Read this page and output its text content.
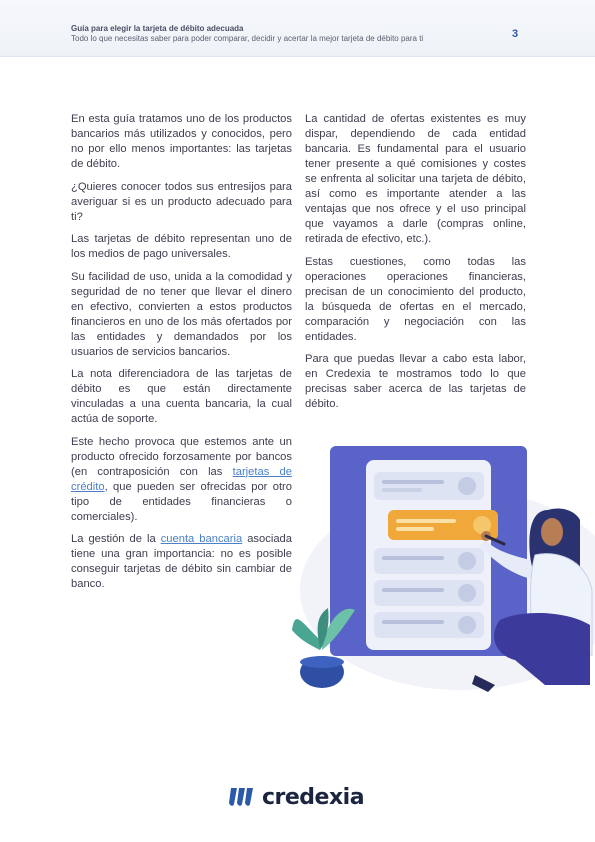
Guía para elegir la tarjeta de débito adecuada
Todo lo que necesitas saber para poder comparar, decidir y acertar la mejor tarjeta de débito para ti	3

En esta guía tratamos uno de los productos bancarios más utilizados y conocidos, pero no por ello menos importantes: las tarjetas de débito.

¿Quieres conocer todos sus entresijos para averiguar si es un producto adecuado para ti?

Las tarjetas de débito representan uno de los medios de pago universales.

Su facilidad de uso, unida a la comodidad y seguridad de no tener que llevar el dinero en efectivo, convierten a estos productos financieros en uno de los más ofertados por las entidades y demandados por los usuarios de servicios bancarios.

La nota diferenciadora de las tarjetas de débito es que están directamente vinculadas a una cuenta bancaria, la cual actúa de soporte.

Este hecho provoca que estemos ante un producto ofrecido forzosamente por bancos (en contraposición con las tarjetas de crédito, que pueden ser ofrecidas por otro tipo de entidades financieras o comerciales).

La gestión de la cuenta bancaria asociada tiene una gran importancia: no es posible conseguir tarjetas de débito sin cambiar de banco.

La cantidad de ofertas existentes es muy dispar, dependiendo de cada entidad bancaria. Es fundamental para el usuario tener presente a qué comisiones y costes se enfrenta al solicitar una tarjeta de débito, así como es importante atender a las ventajas que nos ofrece y el uso principal que vayamos a darle (compras online, retirada de efectivo, etc.).

Estas cuestiones, como todas las operaciones operaciones financieras, precisan de un conocimiento del producto, la búsqueda de ofertas en el mercado, comparación y negociación con las entidades.

Para que puedas llevar a cabo esta labor, en Credexia te mostramos todo lo que precisas saber acerca de las tarjetas de débito.

credexia
